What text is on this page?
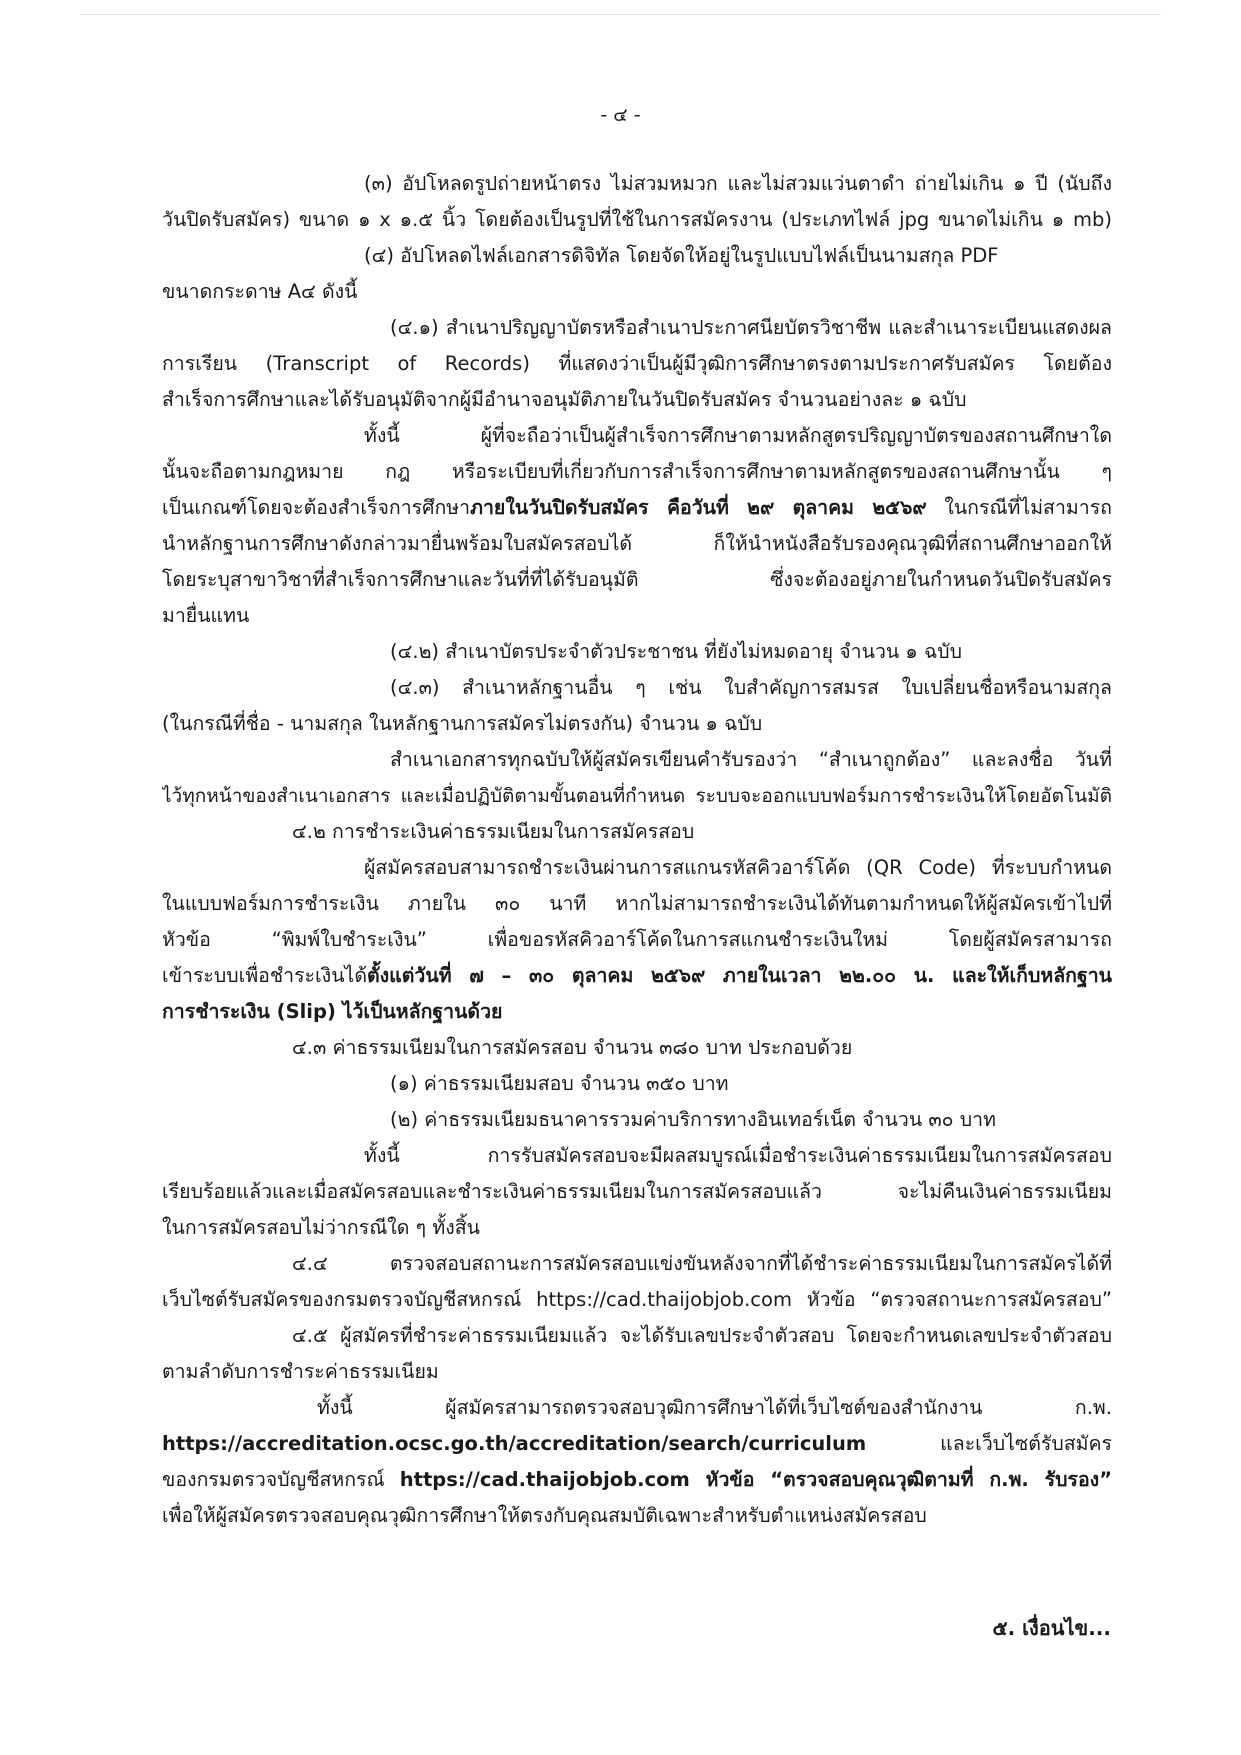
- ๔ -

(๓) อัปโหลดรูปถ่ายหน้าตรง ไม่สวมหมวก และไม่สวมแว่นตาดำ ถ่ายไม่เกิน ๑ ปี (นับถึง

วันปิดรับสมัคร) ขนาด ๑ x ๑.๕ นิ้ว โดยต้องเป็นรูปที่ใช้ในการสมัครงาน (ประเภทไฟล์ jpg ขนาดไม่เกิน ๑ mb)

(๔) อัปโหลดไฟล์เอกสารดิจิทัล โดยจัดให้อยู่ในรูปแบบไฟล์เป็นนามสกุล PDF

ขนาดกระดาษ A๔ ดังนี้

(๔.๑) สำเนาปริญญาบัตรหรือสำเนาประกาศนียบัตรวิชาชีพ และสำเนาระเบียนแสดงผล

การเรียน (Transcript of Records) ที่แสดงว่าเป็นผู้มีวุฒิการศึกษาตรงตามประกาศรับสมัคร โดยต้อง

สำเร็จการศึกษาและได้รับอนุมัติจากผู้มีอำนาจอนุมัติภายในวันปิดรับสมัคร จำนวนอย่างละ ๑ ฉบับ

ทั้งนี้ ผู้ที่จะถือว่าเป็นผู้สำเร็จการศึกษาตามหลักสูตรปริญญาบัตรของสถานศึกษาใด

นั้นจะถือตามกฎหมาย กฎ หรือระเบียบที่เกี่ยวกับการสำเร็จการศึกษาตามหลักสูตรของสถานศึกษานั้น ๆ

เป็นเกณฑ์โดยจะต้องสำเร็จการศึกษาภายในวันปิดรับสมัคร คือวันที่ ๒๙ ตุลาคม ๒๕๖๙ ในกรณีที่ไม่สามารถ

นำหลักฐานการศึกษาดังกล่าวมายื่นพร้อมใบสมัครสอบได้ ก็ให้นำหนังสือรับรองคุณวุฒิที่สถานศึกษาออกให้

โดยระบุสาขาวิชาที่สำเร็จการศึกษาและวันที่ที่ได้รับอนุมัติ ซึ่งจะต้องอยู่ภายในกำหนดวันปิดรับสมัคร

มายื่นแทน

(๔.๒) สำเนาบัตรประจำตัวประชาชน ที่ยังไม่หมดอายุ จำนวน ๑ ฉบับ

(๔.๓) สำเนาหลักฐานอื่น ๆ เช่น ใบสำคัญการสมรส ใบเปลี่ยนชื่อหรือนามสกุล

(ในกรณีที่ชื่อ - นามสกุล ในหลักฐานการสมัครไม่ตรงกัน) จำนวน ๑ ฉบับ

สำเนาเอกสารทุกฉบับให้ผู้สมัครเขียนคำรับรองว่า “สำเนาถูกต้อง” และลงชื่อ วันที่

ไว้ทุกหน้าของสำเนาเอกสาร และเมื่อปฏิบัติตามขั้นตอนที่กำหนด ระบบจะออกแบบฟอร์มการชำระเงินให้โดยอัตโนมัติ

๔.๒ การชำระเงินค่าธรรมเนียมในการสมัครสอบ

ผู้สมัครสอบสามารถชำระเงินผ่านการสแกนรหัสคิวอาร์โค้ด (QR Code) ที่ระบบกำหนด

ในแบบฟอร์มการชำระเงิน ภายใน ๓๐ นาที หากไม่สามารถชำระเงินได้ทันตามกำหนดให้ผู้สมัครเข้าไปที่

หัวข้อ “พิมพ์ใบชำระเงิน” เพื่อขอรหัสคิวอาร์โค้ดในการสแกนชำระเงินใหม่ โดยผู้สมัครสามารถ

เข้าระบบเพื่อชำระเงินได้ตั้งแต่วันที่ ๗ – ๓๐ ตุลาคม ๒๕๖๙ ภายในเวลา ๒๒.๐๐ น. และให้เก็บหลักฐาน

การชำระเงิน (Slip) ไว้เป็นหลักฐานด้วย

๔.๓ ค่าธรรมเนียมในการสมัครสอบ จำนวน ๓๘๐ บาท ประกอบด้วย

(๑) ค่าธรรมเนียมสอบ จำนวน ๓๕๐ บาท

(๒) ค่าธรรมเนียมธนาคารรวมค่าบริการทางอินเทอร์เน็ต จำนวน ๓๐ บาท

ทั้งนี้ การรับสมัครสอบจะมีผลสมบูรณ์เมื่อชำระเงินค่าธรรมเนียมในการสมัครสอบ

เรียบร้อยแล้วและเมื่อสมัครสอบและชำระเงินค่าธรรมเนียมในการสมัครสอบแล้ว จะไม่คืนเงินค่าธรรมเนียม

ในการสมัครสอบไม่ว่ากรณีใด ๆ ทั้งสิ้น

๔.๔ ตรวจสอบสถานะการสมัครสอบแข่งขันหลังจากที่ได้ชำระค่าธรรมเนียมในการสมัครได้ที่

เว็บไซต์รับสมัครของกรมตรวจบัญชีสหกรณ์ https://cad.thaijobjob.com หัวข้อ “ตรวจสถานะการสมัครสอบ”

๔.๕ ผู้สมัครที่ชำระค่าธรรมเนียมแล้ว จะได้รับเลขประจำตัวสอบ โดยจะกำหนดเลขประจำตัวสอบ

ตามลำดับการชำระค่าธรรมเนียม

ทั้งนี้ ผู้สมัครสามารถตรวจสอบวุฒิการศึกษาได้ที่เว็บไซต์ของสำนักงาน ก.พ.

https://accreditation.ocsc.go.th/accreditation/search/curriculum และเว็บไซต์รับสมัคร

ของกรมตรวจบัญชีสหกรณ์ https://cad.thaijobjob.com หัวข้อ “ตรวจสอบคุณวุฒิตามที่ ก.พ. รับรอง”

เพื่อให้ผู้สมัครตรวจสอบคุณวุฒิการศึกษาให้ตรงกับคุณสมบัติเฉพาะสำหรับตำแหน่งสมัครสอบ

๕. เงื่อนไข...
